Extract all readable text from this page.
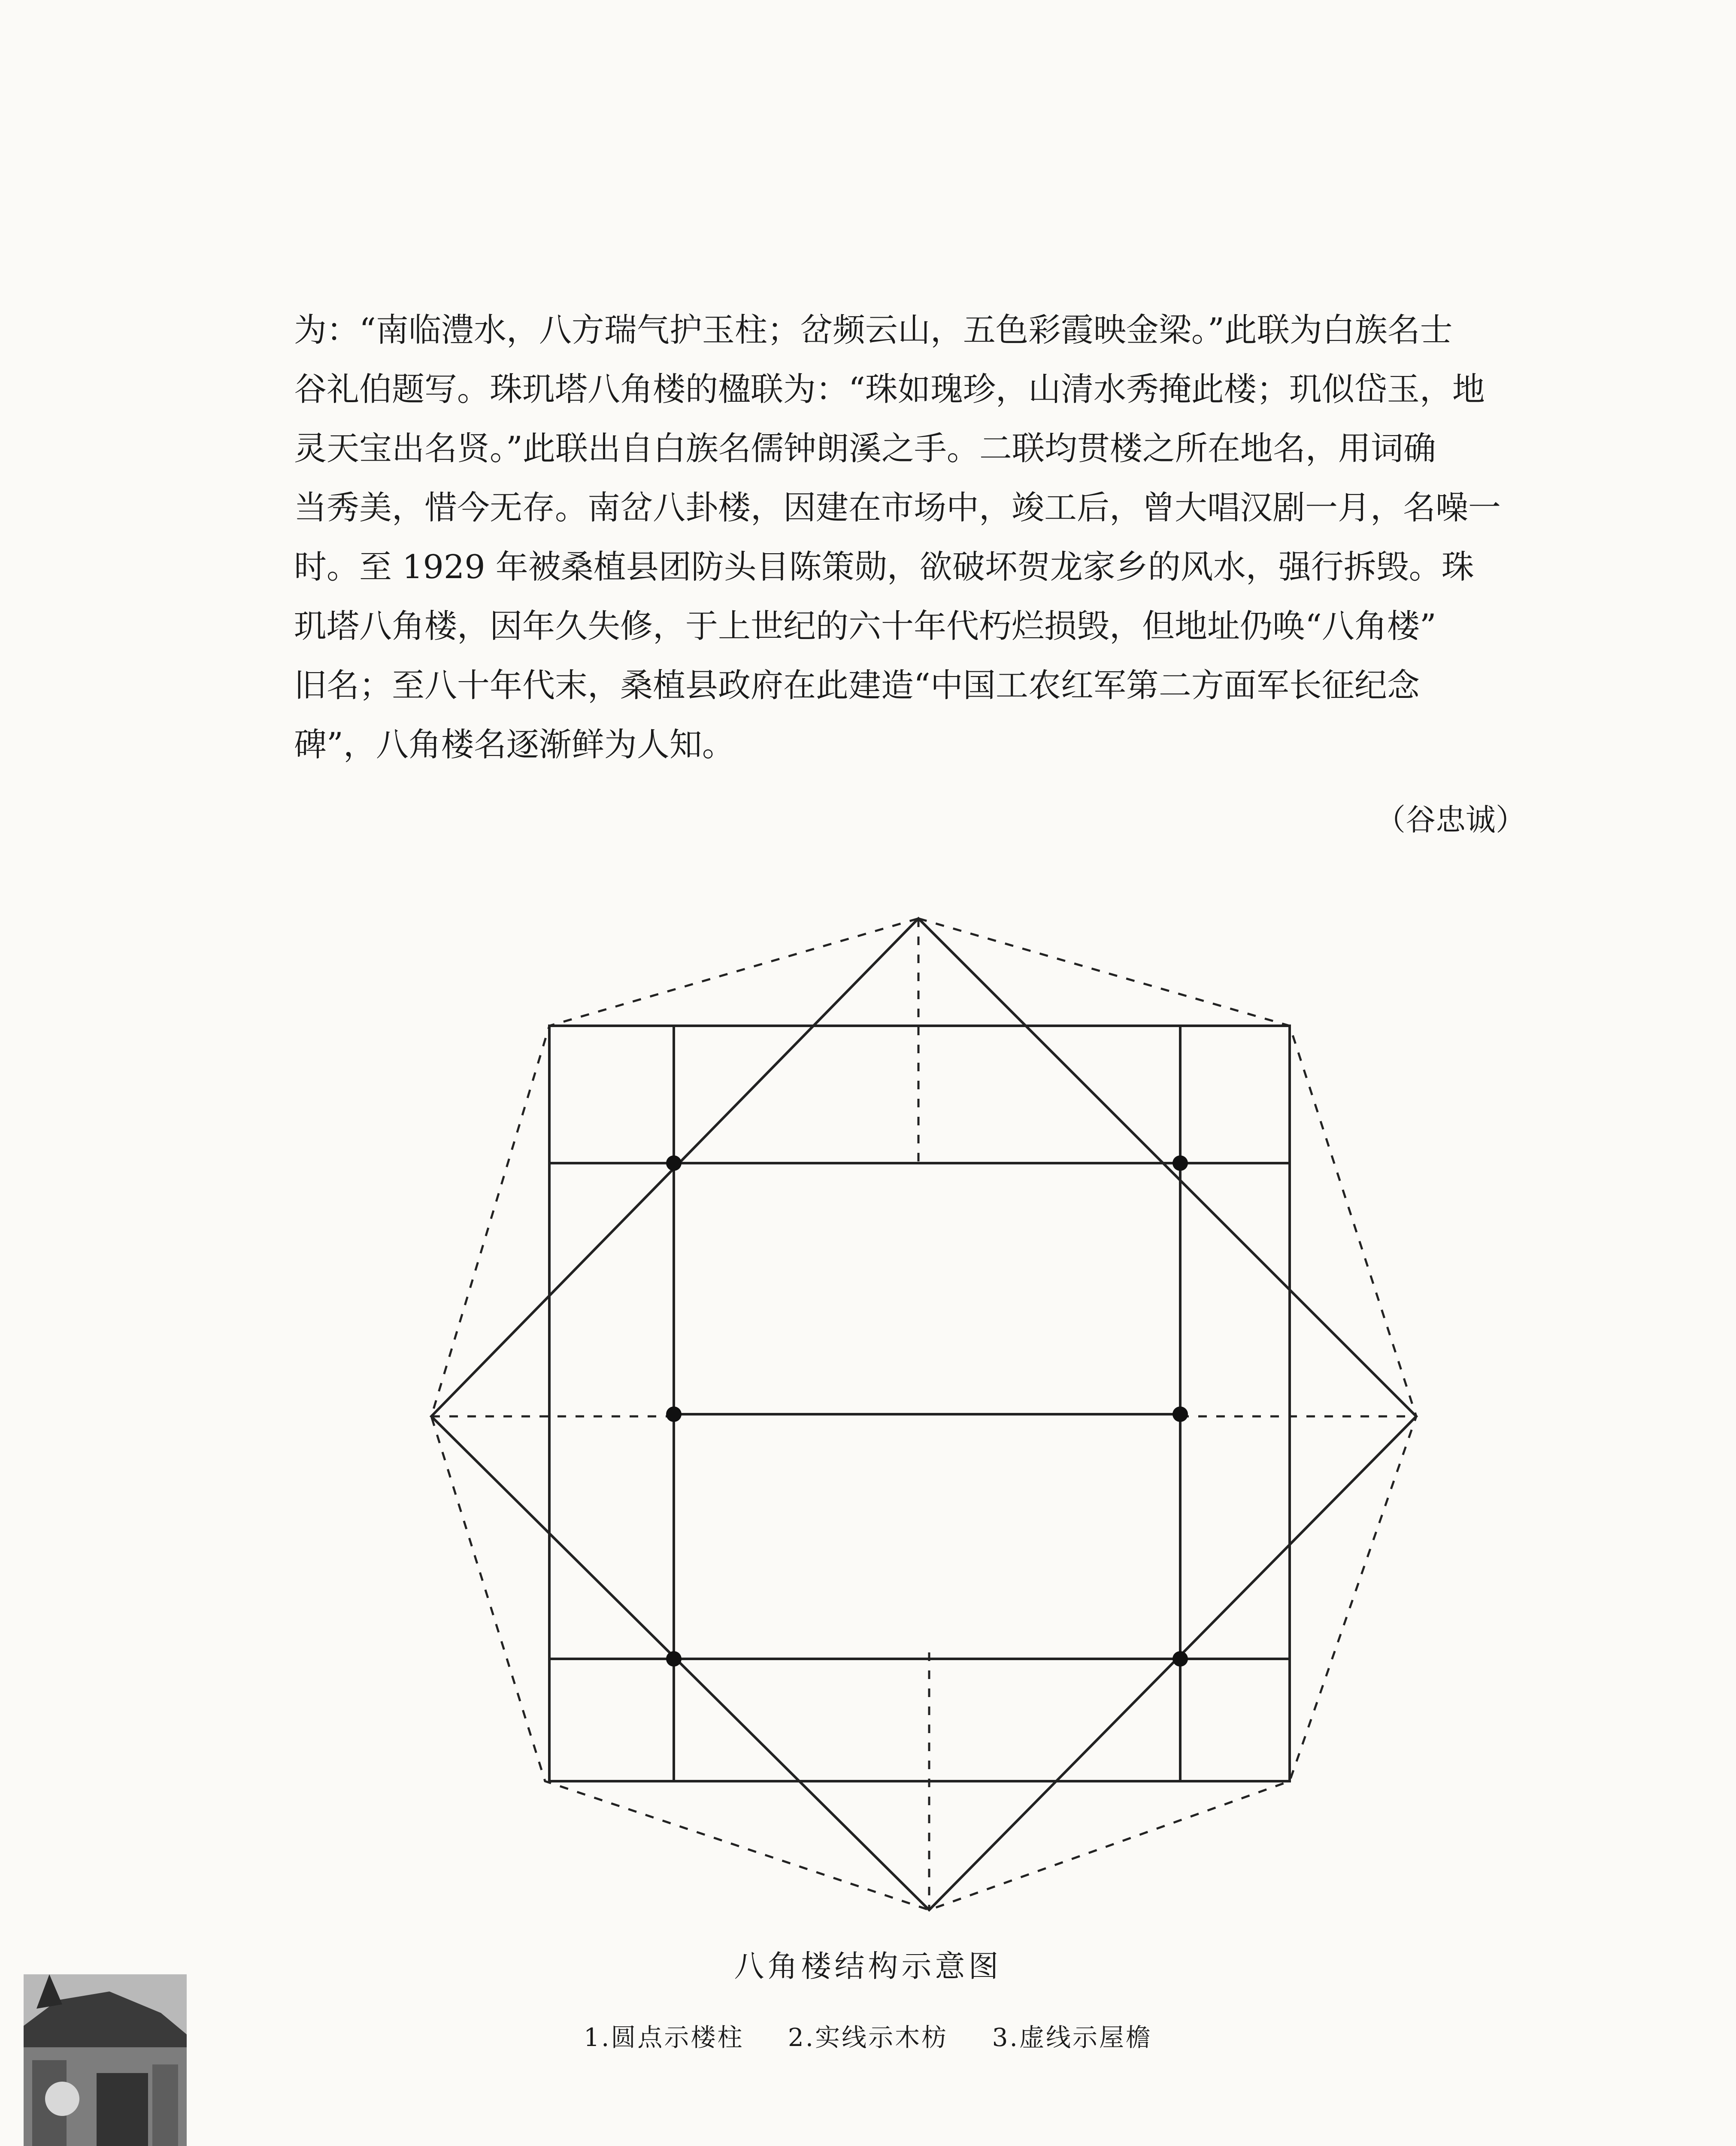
为：“南临澧水，八方瑞气护玉柱；岔频云山，五色彩霞映金梁。”此联为白族名士
谷礼伯题写。珠玑塔八角楼的楹联为：“珠如瑰珍，山清水秀掩此楼；玑似岱玉，地
灵天宝出名贤。”此联出自白族名儒钟朗溪之手。二联均贯楼之所在地名，用词确
当秀美，惜今无存。南岔八卦楼，因建在市场中，竣工后，曾大唱汉剧一月，名噪一
时。至 1929 年被桑植县团防头目陈策勋，欲破坏贺龙家乡的风水，强行拆毁。珠
玑塔八角楼，因年久失修，于上世纪的六十年代朽烂损毁，但地址仍唤“八角楼”
旧名；至八十年代末，桑植县政府在此建造“中国工农红军第二方面军长征纪念
碑”，八角楼名逐渐鲜为人知。
（谷忠诚）
八角楼结构示意图
1.圆点示楼柱 2.实线示木枋 3.虚线示屋檐
